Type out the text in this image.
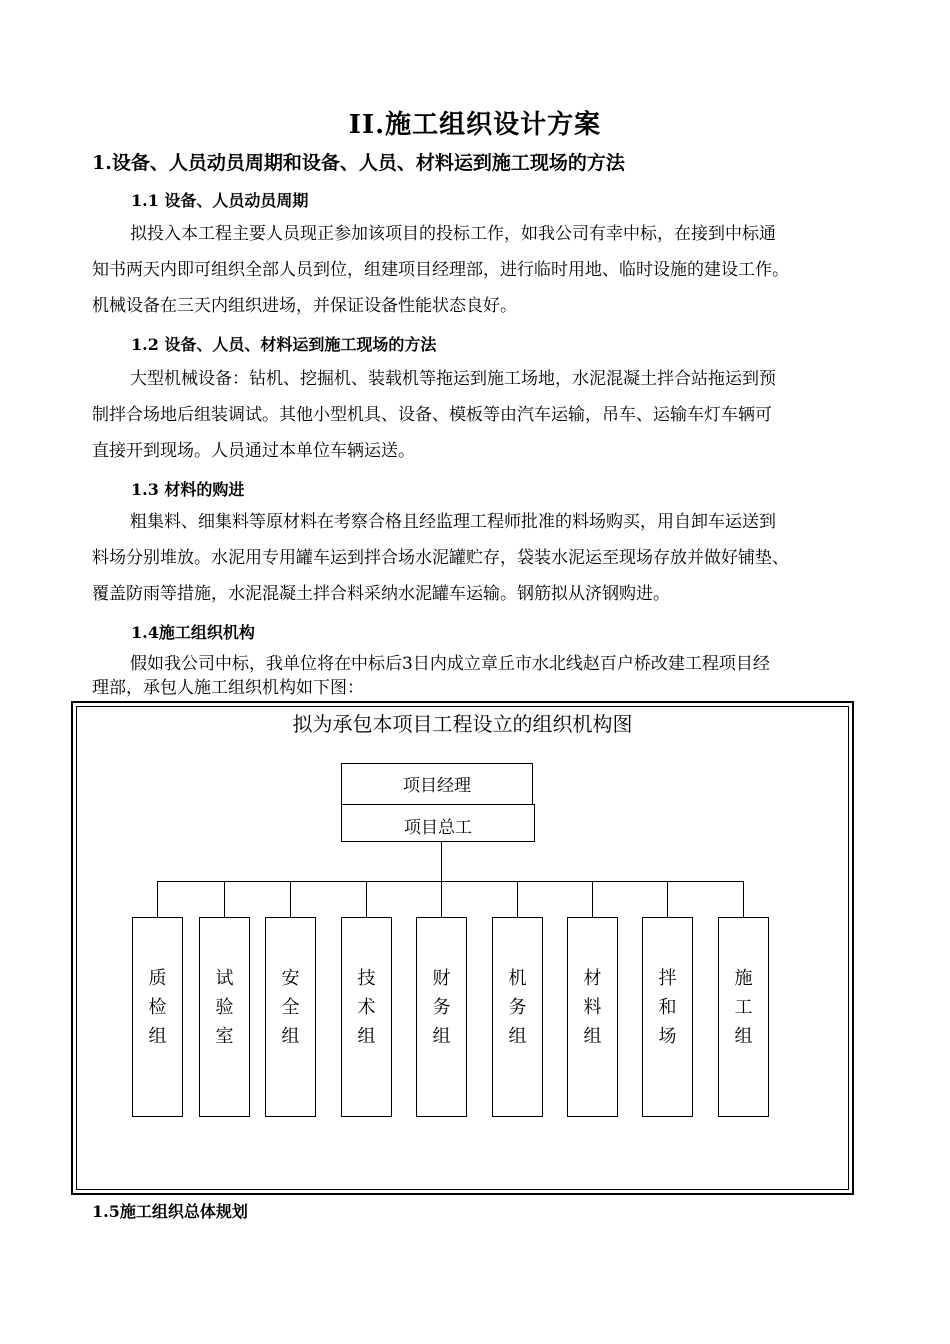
II.施工组织设计方案
1.设备、人员动员周期和设备、人员、材料运到施工现场的方法
1.1 设备、人员动员周期
拟投入本工程主要人员现正参加该项目的投标工作，如我公司有幸中标，在接到中标通
知书两天内即可组织全部人员到位，组建项目经理部，进行临时用地、临时设施的建设工作。
机械设备在三天内组织进场，并保证设备性能状态良好。
1.2 设备、人员、材料运到施工现场的方法
大型机械设备：钻机、挖掘机、装载机等拖运到施工场地，水泥混凝土拌合站拖运到预
制拌合场地后组装调试。其他小型机具、设备、模板等由汽车运输，吊车、运输车灯车辆可
直接开到现场。人员通过本单位车辆运送。
1.3 材料的购进
粗集料、细集料等原材料在考察合格且经监理工程师批准的料场购买，用自卸车运送到
料场分别堆放。水泥用专用罐车运到拌合场水泥罐贮存，袋装水泥运至现场存放并做好铺垫、
覆盖防雨等措施，水泥混凝土拌合料采纳水泥罐车运输。钢筋拟从济钢购进。
1.4施工组织机构
假如我公司中标，我单位将在中标后3日内成立章丘市水北线赵百户桥改建工程项目经
理部，承包人施工组织机构如下图：
拟为承包本项目工程设立的组织机构图
项目经理
项目总工
质
检
组
试
验
室
安
全
组
技
术
组
财
务
组
机
务
组
材
料
组
拌
和
场
施
工
组
1.5施工组织总体规划
